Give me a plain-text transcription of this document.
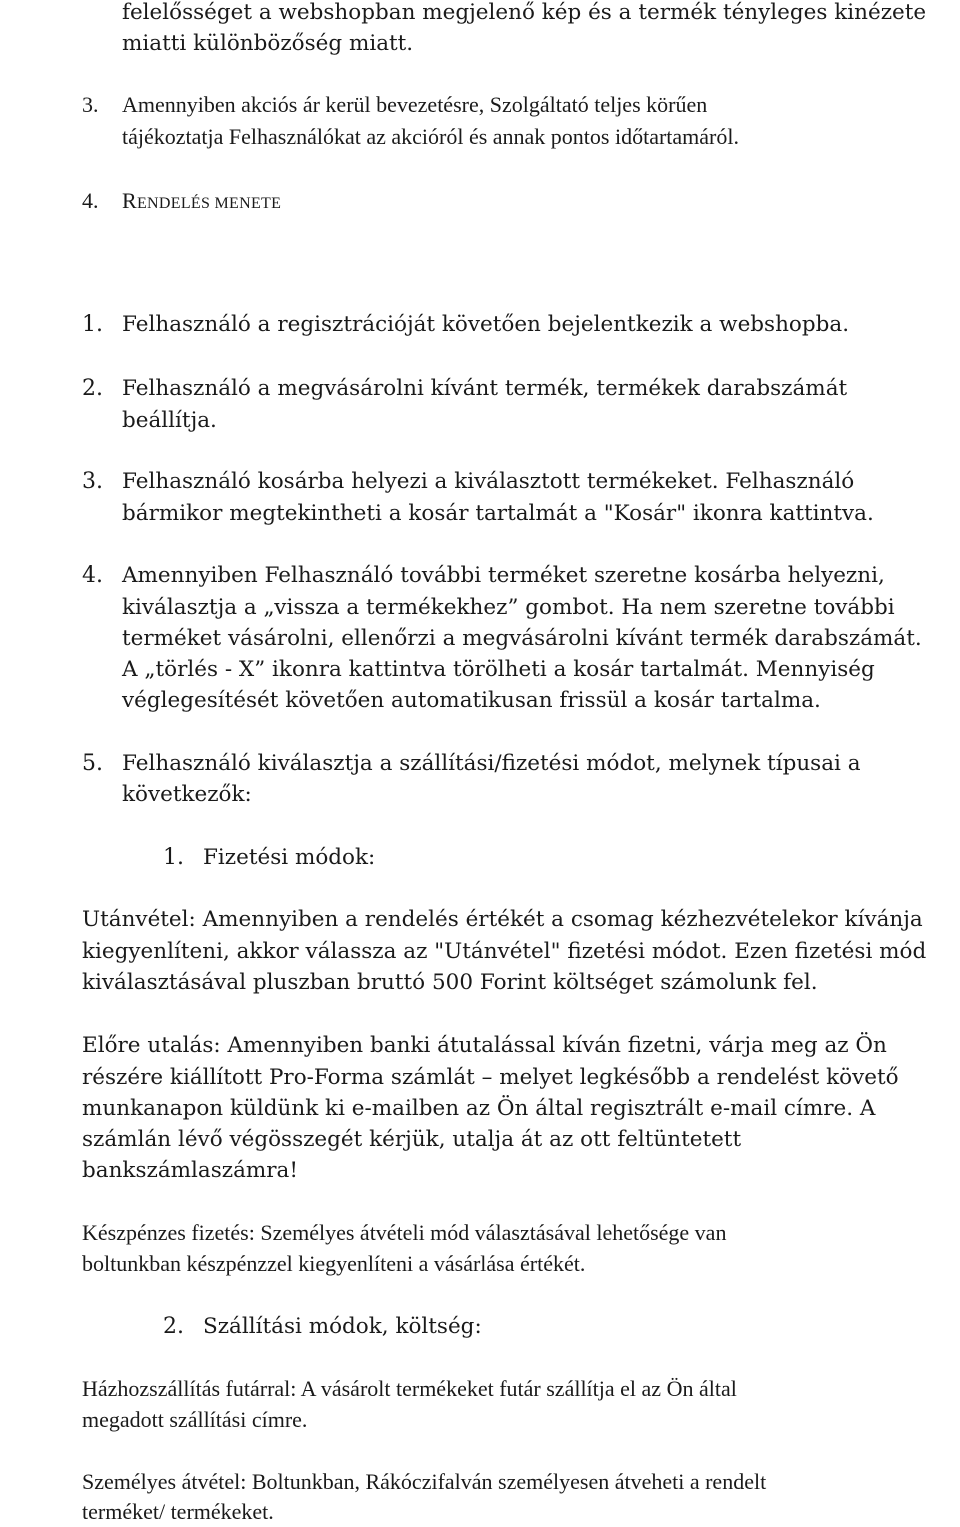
felelősséget a webshopban megjelenő kép és a termék tényleges kinézete
miatti különbözőség miatt.
3. Amennyiben akciós ár kerül bevezetésre, Szolgáltató teljes körűen
tájékoztatja Felhasználókat az akcióról és annak pontos időtartamáról.
4. RENDELÉS MENETE
1. Felhasználó a regisztrációját követően bejelentkezik a webshopba.
2. Felhasználó a megvásárolni kívánt termék, termékek darabszámát
beállítja.
3. Felhasználó kosárba helyezi a kiválasztott termékeket. Felhasználó
bármikor megtekintheti a kosár tartalmát a "Kosár" ikonra kattintva.
4. Amennyiben Felhasználó további terméket szeretne kosárba helyezni,
kiválasztja a „vissza a termékekhez” gombot. Ha nem szeretne további
terméket vásárolni, ellenőrzi a megvásárolni kívánt termék darabszámát.
A „törlés - X” ikonra kattintva törölheti a kosár tartalmát. Mennyiség
véglegesítését követően automatikusan frissül a kosár tartalma.
5. Felhasználó kiválasztja a szállítási/fizetési módot, melynek típusai a
következők:
1. Fizetési módok:
Utánvétel: Amennyiben a rendelés értékét a csomag kézhezvételekor kívánja
kiegyenlíteni, akkor válassza az "Utánvétel" fizetési módot. Ezen fizetési mód
kiválasztásával pluszban bruttó 500 Forint költséget számolunk fel.
Előre utalás: Amennyiben banki átutalással kíván fizetni, várja meg az Ön
részére kiállított Pro-Forma számlát – melyet legkésőbb a rendelést követő
munkanapon küldünk ki e-mailben az Ön által regisztrált e-mail címre. A
számlán lévő végösszegét kérjük, utalja át az ott feltüntetett
bankszámlaszámra!
Készpénzes fizetés: Személyes átvételi mód választásával lehetősége van
boltunkban készpénzzel kiegyenlíteni a vásárlása értékét.
2. Szállítási módok, költség:
Házhozszállítás futárral: A vásárolt termékeket futár szállítja el az Ön által
megadott szállítási címre.
Személyes átvétel: Boltunkban, Rákóczifalván személyesen átveheti a rendelt
terméket/ termékeket.
